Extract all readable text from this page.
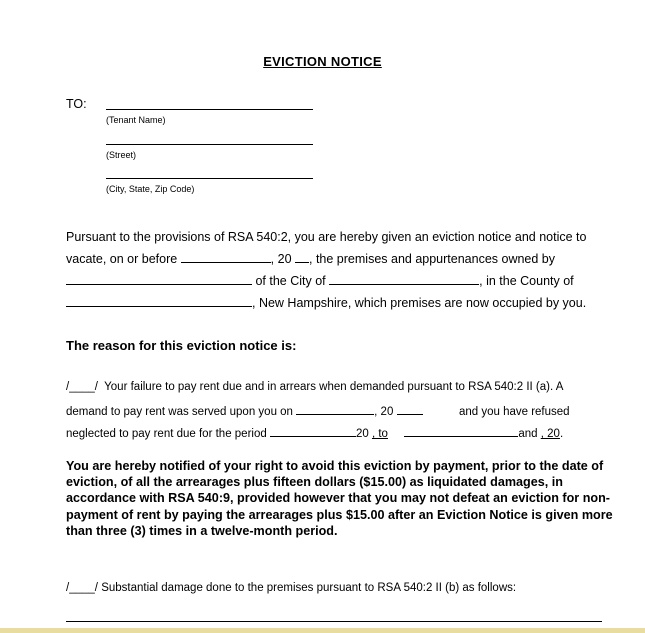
EVICTION NOTICE
TO:
(Tenant Name)
(Street)
(City, State, Zip Code)
Pursuant to the provisions of RSA 540:2, you are hereby given an eviction notice and notice to
vacate, on or before	, 20 , the premises and appurtenances owned by
of the City of	, in the County of
, New Hampshire, which premises are now occupied by you.
The reason for this eviction notice is:
/____/ Your failure to pay rent due and in arrears when demanded pursuant to RSA 540:2 II (a). A
demand to pay rent was served upon you on	, 20	and you have refused
neglected to pay rent due for the period	20 , to	and , 20.
You are hereby notified of your right to avoid this eviction by payment, prior to the date of eviction, of all the arrearages plus fifteen dollars ($15.00) as liquidated damages, in accordance with RSA 540:9, provided however that you may not defeat an eviction for non-payment of rent by paying the arrearages plus $15.00 after an Eviction Notice is given more than three (3) times in a twelve-month period.
/____/ Substantial damage done to the premises pursuant to RSA 540:2 II (b) as follows:
